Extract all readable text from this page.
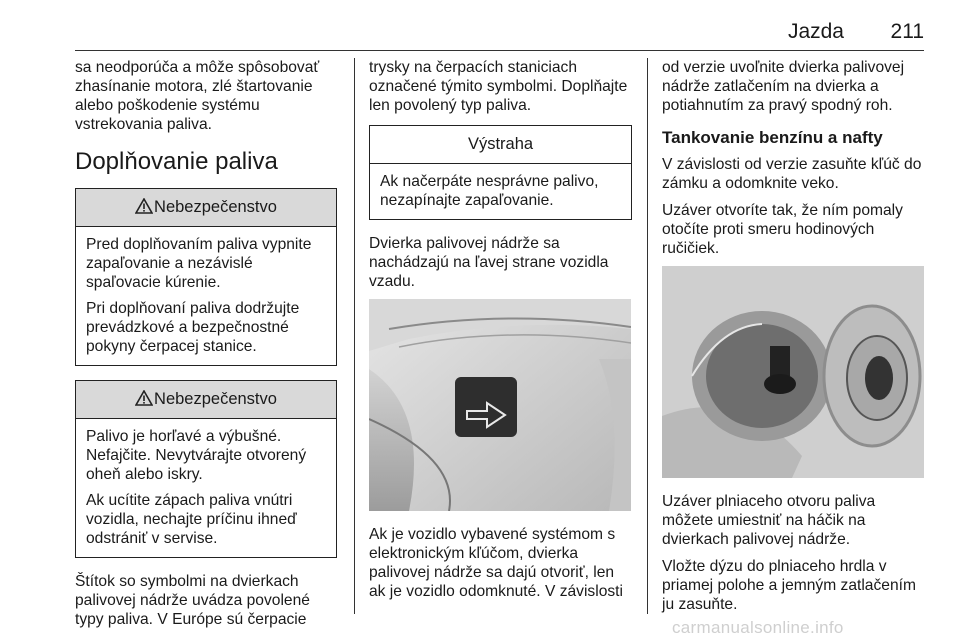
Jazda 211

sa neodporúča a môže spôsobovať zhasínanie motora, zlé štartovanie alebo poškodenie systému vstrekovania paliva.

Doplňovanie paliva
Nebezpečenstvo

Pred doplňovaním paliva vypnite zapaľovanie a nezávislé spaľovacie kúrenie.

Pri doplňovaní paliva dodržujte prevádzkové a bezpečnostné pokyny čerpacej stanice.

Nebezpečenstvo

Palivo je horľavé a výbušné. Nefajčite. Nevytvárajte otvorený oheň alebo iskry.

Ak ucítite zápach paliva vnútri vozidla, nechajte príčinu ihneď odstrániť v servise.

Štítok so symbolmi na dvierkach palivovej nádrže uvádza povolené typy paliva. V Európe sú čerpacie

trysky na čerpacích staniciach označené týmito symbolmi. Doplňajte len povolený typ paliva.

Výstraha

Ak načerpáte nesprávne palivo, nezapínajte zapaľovanie.

Dvierka palivovej nádrže sa nachádzajú na ľavej strane vozidla vzadu.

Ak je vozidlo vybavené systémom s elektronickým kľúčom, dvierka palivovej nádrže sa dajú otvoriť, len ak je vozidlo odomknuté. V závislosti

od verzie uvoľnite dvierka palivovej nádrže zatlačením na dvierka a potiahnutím za pravý spodný roh.

Tankovanie benzínu a nafty

V závislosti od verzie zasuňte kľúč do zámku a odomknite veko.

Uzáver otvoríte tak, že ním pomaly otočíte proti smeru hodinových ručičiek.

Uzáver plniaceho otvoru paliva môžete umiestniť na háčik na dvierkach palivovej nádrže.

Vložte dýzu do plniaceho hrdla v priamej polohe a jemným zatlačením ju zasuňte.

carmanualsonline.info
